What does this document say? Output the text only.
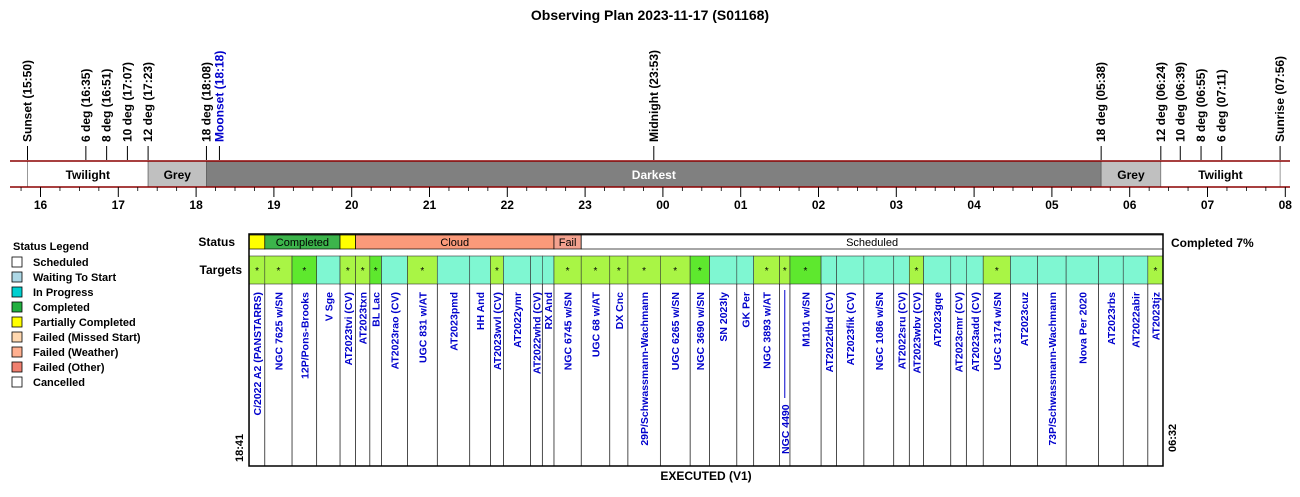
Observing Plan 2023-11-17 (S01168)
Sunset (15:50)	6 deg (16:35) 8 deg (16:51) 10 deg (17:07) 12 deg (17:23)	18 deg (18:08)
Moonset (18:18)	Midnight (23:53)	18 deg (05:38)	12 deg (06:24) 10 deg (06:39) 8 deg (06:55) 6 deg (07:11)	Sunrise (07:56)
Twilight	Grey	Darkest	Grey	Twilight
16	17	18	19	20	21	22	23	00	01	02	03	04	05	06	07	08
Status Legend
Scheduled
Waiting To Start
In Progress
Completed
Partially Completed
Failed (Missed Start)
Failed (Weather)
Failed (Other)
Cancelled
Status
Targets
Completed 7%
Completed	Cloud	Fail	Scheduled
*
C/2022 A2 (PANSTARRS)
*
NGC 7625 w/SN
*
12P/Pons-Brooks V Sge
*
AT2023tvi (CV)
*
AT2023txn
*
BL Lac AT2023rao (CV)
*
UGC 831 w/AT AT2023pmd HH And
*
AT2023wvl (CV) AT2022ymr AT2022whd (CV) RX And
*
NGC 6745 w/SN
*
UGC 68 w/AT
*
DX Cnc
*
29P/Schwassmann-Wachmann
*
UGC 6265 w/SN
*
NGC 3690 w/SN SN 2023ly GK Per
*
NGC 3893 w/AT
*
NGC 4490
*
M101 w/SN AT2022dbd (CV) AT2023fik (CV) NGC 1086 w/SN AT2022sru (CV)
*
AT2023wbv (CV) AT2023gqe AT2023cmr (CV) AT2023add (CV)
*
UGC 3174 w/SN AT2023cuz 73P/Schwassmann-Wachmann Nova Per 2020 AT2023rbs AT2022abir
*
AT2023tjz
18:41	06:32
EXECUTED (V1)
